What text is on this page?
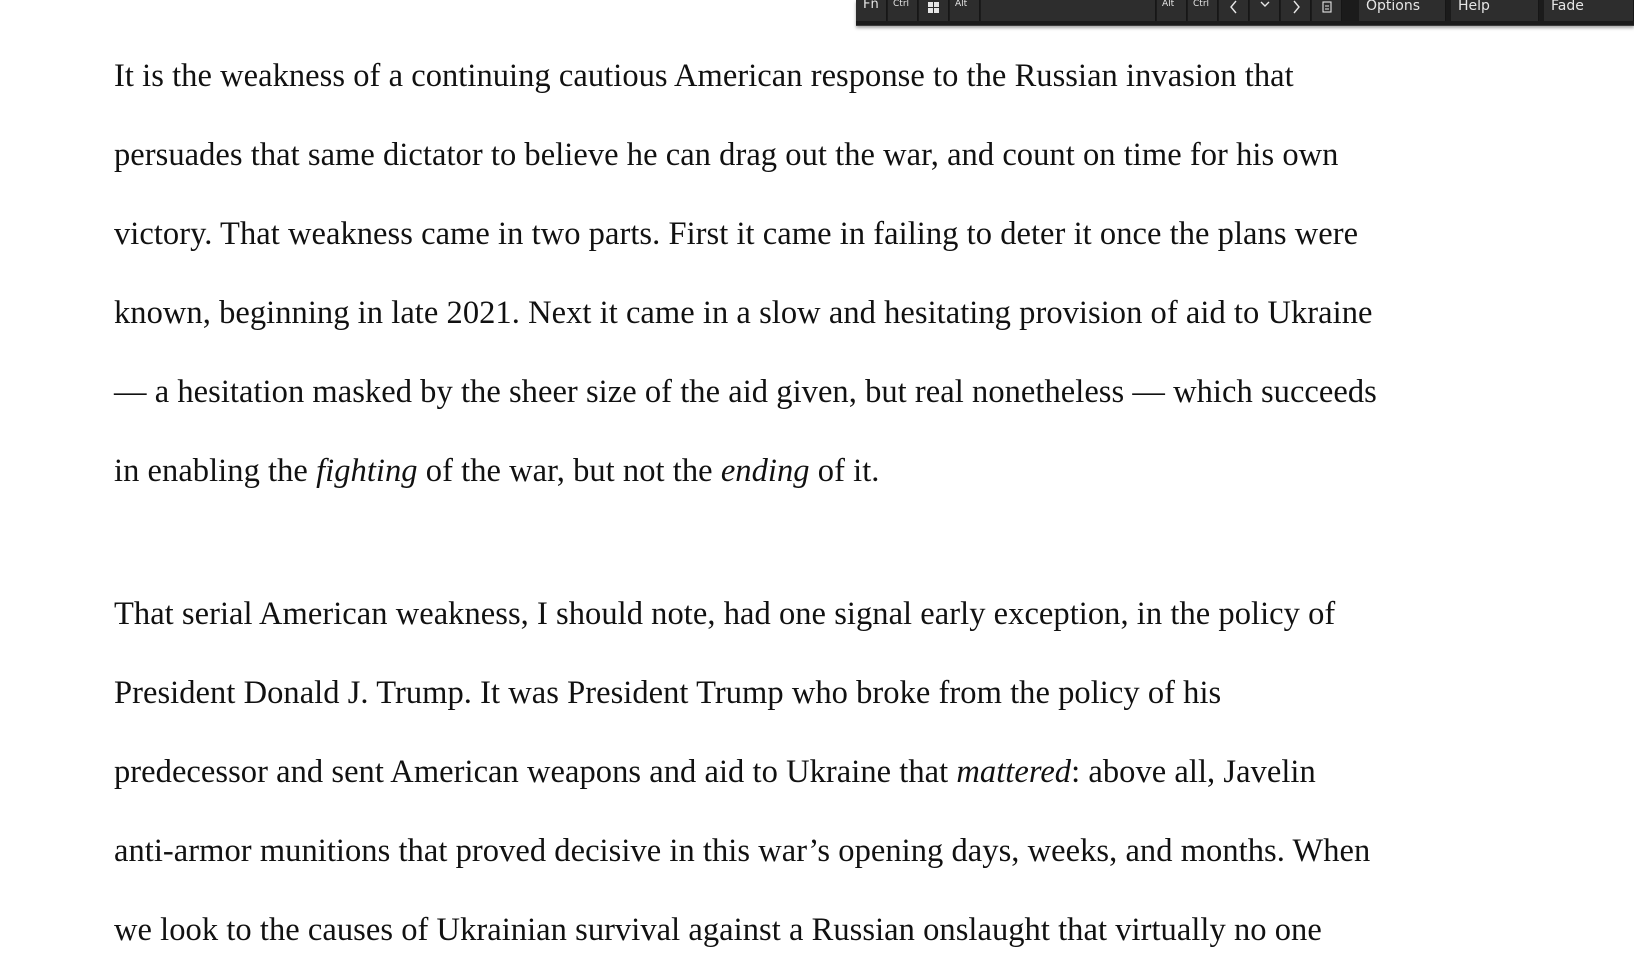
It is the weakness of a continuing cautious American response to the Russian invasion that
persuades that same dictator to believe he can drag out the war, and count on time for his own
victory. That weakness came in two parts. First it came in failing to deter it once the plans were
known, beginning in late 2021. Next it came in a slow and hesitating provision of aid to Ukraine
— a hesitation masked by the sheer size of the aid given, but real nonetheless — which succeeds
in enabling the fighting of the war, but not the ending of it.
That serial American weakness, I should note, had one signal early exception, in the policy of
President Donald J. Trump. It was President Trump who broke from the policy of his
predecessor and sent American weapons and aid to Ukraine that mattered: above all, Javelin
anti-armor munitions that proved decisive in this war’s opening days, weeks, and months. When
we look to the causes of Ukrainian survival against a Russian onslaught that virtually no one
Fn	Ctrl	Alt	Alt	Ctrl	Options	Help	Fade
